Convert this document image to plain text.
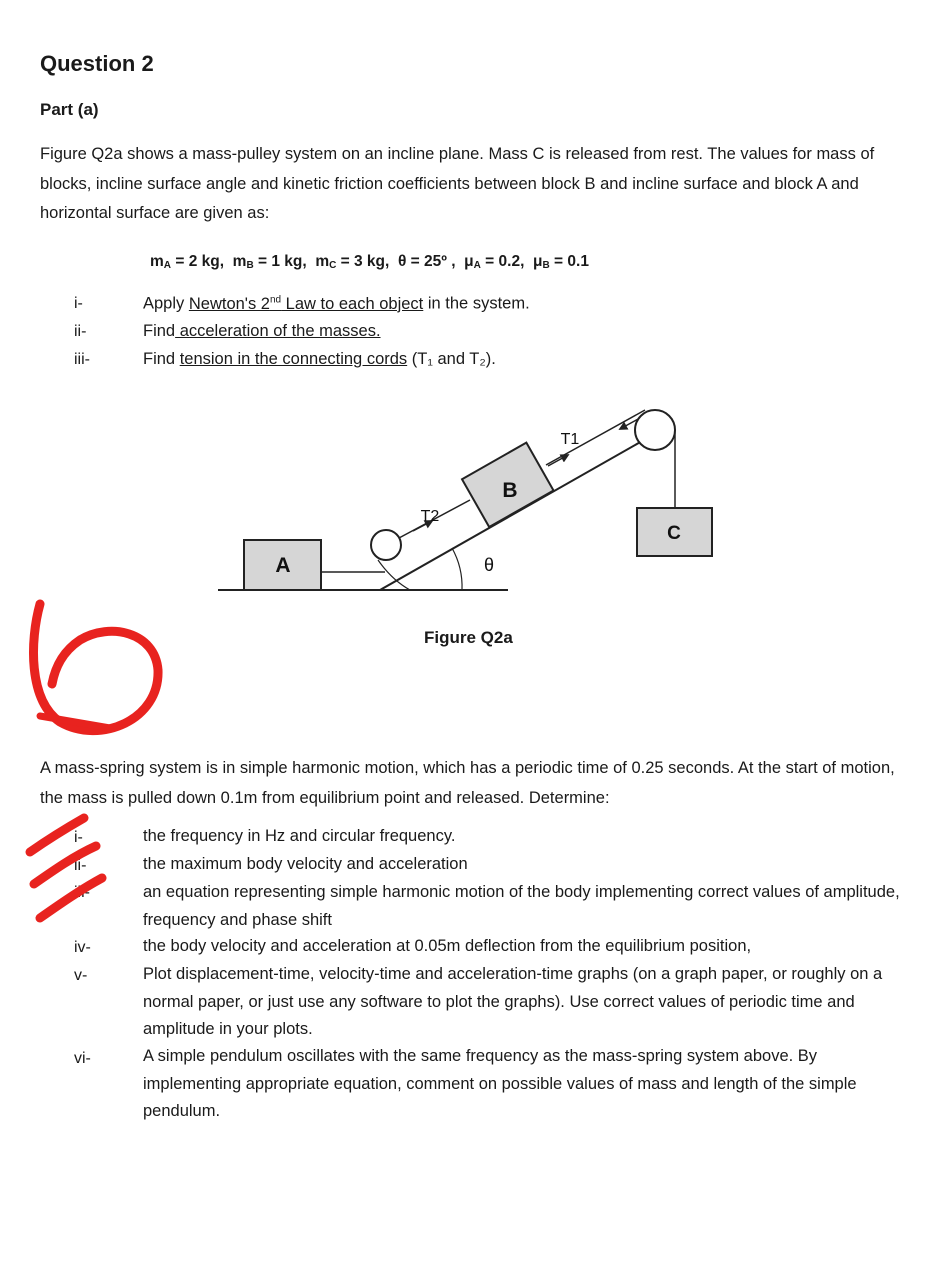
Question 2
Part (a)
Figure Q2a shows a mass-pulley system on an incline plane. Mass C is released from rest. The values for mass of blocks, incline surface angle and kinetic friction coefficients between block B and incline surface and block A and horizontal surface are given as:
$m_A = 2$ kg, $m_B = 1$ kg, $m_C = 3$ kg, θ = 25º , $\mu_A = 0.2$, $\mu_B = 0.1$
i-	Apply Newton's 2nd Law to each object in the system.
ii-	Find acceleration of the masses.
iii-	Find tension in the connecting cords (T₁ and T₂).
A
B
C
T1
T2
θ
Figure Q2a
A mass-spring system is in simple harmonic motion, which has a periodic time of 0.25 seconds. At the start of motion, the mass is pulled down 0.1m from equilibrium point and released. Determine:
i-	the frequency in Hz and circular frequency.
ii-	the maximum body velocity and acceleration
iii-	an equation representing simple harmonic motion of the body implementing correct values of amplitude, frequency and phase shift
iv-	the body velocity and acceleration at 0.05m deflection from the equilibrium position,
v-	Plot displacement-time, velocity-time and acceleration-time graphs (on a graph paper, or roughly on a normal paper, or just use any software to plot the graphs). Use correct values of periodic time and amplitude in your plots.
vi-	A simple pendulum oscillates with the same frequency as the mass-spring system above. By implementing appropriate equation, comment on possible values of mass and length of the simple pendulum.
